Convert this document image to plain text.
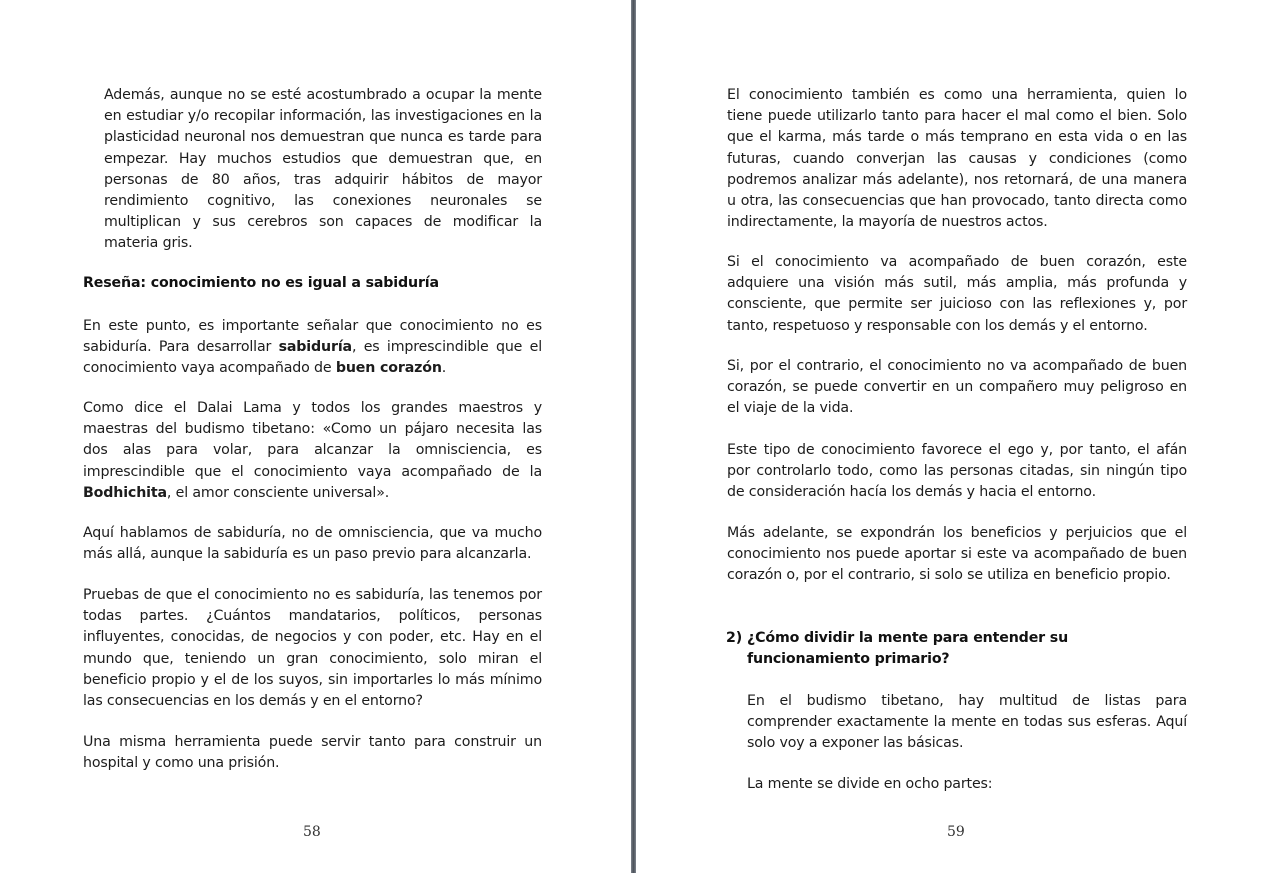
Además, aunque no se esté acostumbrado a ocupar la mente en estudiar y/o recopilar información, las investigaciones en la plasticidad neuronal nos demuestran que nunca es tarde para empezar. Hay muchos estudios que demuestran que, en personas de 80 años, tras adquirir hábitos de mayor rendimiento cognitivo, las conexiones neuronales se multiplican y sus cerebros son capaces de modificar la materia gris.

Reseña: conocimiento no es igual a sabiduría

En este punto, es importante señalar que conocimiento no es sabiduría. Para desarrollar sabiduría, es imprescindible que el conocimiento vaya acompañado de buen corazón.

Como dice el Dalai Lama y todos los grandes maestros y maestras del budismo tibetano: «Como un pájaro necesita las dos alas para volar, para alcanzar la omnisciencia, es imprescindible que el conocimiento vaya acompañado de la Bodhichita, el amor consciente universal».

Aquí hablamos de sabiduría, no de omnisciencia, que va mucho más allá, aunque la sabiduría es un paso previo para alcanzarla.

Pruebas de que el conocimiento no es sabiduría, las tenemos por todas partes. ¿Cuántos mandatarios, políticos, personas influyentes, conocidas, de negocios y con poder, etc. Hay en el mundo que, teniendo un gran conocimiento, solo miran el beneficio propio y el de los suyos, sin importarles lo más mínimo las consecuencias en los demás y en el entorno?

Una misma herramienta puede servir tanto para construir un hospital y como una prisión.

58

El conocimiento también es como una herramienta, quien lo tiene puede utilizarlo tanto para hacer el mal como el bien. Solo que el karma, más tarde o más temprano en esta vida o en las futuras, cuando converjan las causas y condiciones (como podremos analizar más adelante), nos retornará, de una manera u otra, las consecuencias que han provocado, tanto directa como indirectamente, la mayoría de nuestros actos.

Si el conocimiento va acompañado de buen corazón, este adquiere una visión más sutil, más amplia, más profunda y consciente, que permite ser juicioso con las reflexiones y, por tanto, respetuoso y responsable con los demás y el entorno.

Si, por el contrario, el conocimiento no va acompañado de buen corazón, se puede convertir en un compañero muy peligroso en el viaje de la vida.

Este tipo de conocimiento favorece el ego y, por tanto, el afán por controlarlo todo, como las personas citadas, sin ningún tipo de consideración hacía los demás y hacia el entorno.

Más adelante, se expondrán los beneficios y perjuicios que el conocimiento nos puede aportar si este va acompañado de buen corazón o, por el contrario, si solo se utiliza en beneficio propio.

2) ¿Cómo dividir la mente para entender su funcionamiento primario?

En el budismo tibetano, hay multitud de listas para comprender exactamente la mente en todas sus esferas. Aquí solo voy a exponer las básicas.

La mente se divide en ocho partes:

59
